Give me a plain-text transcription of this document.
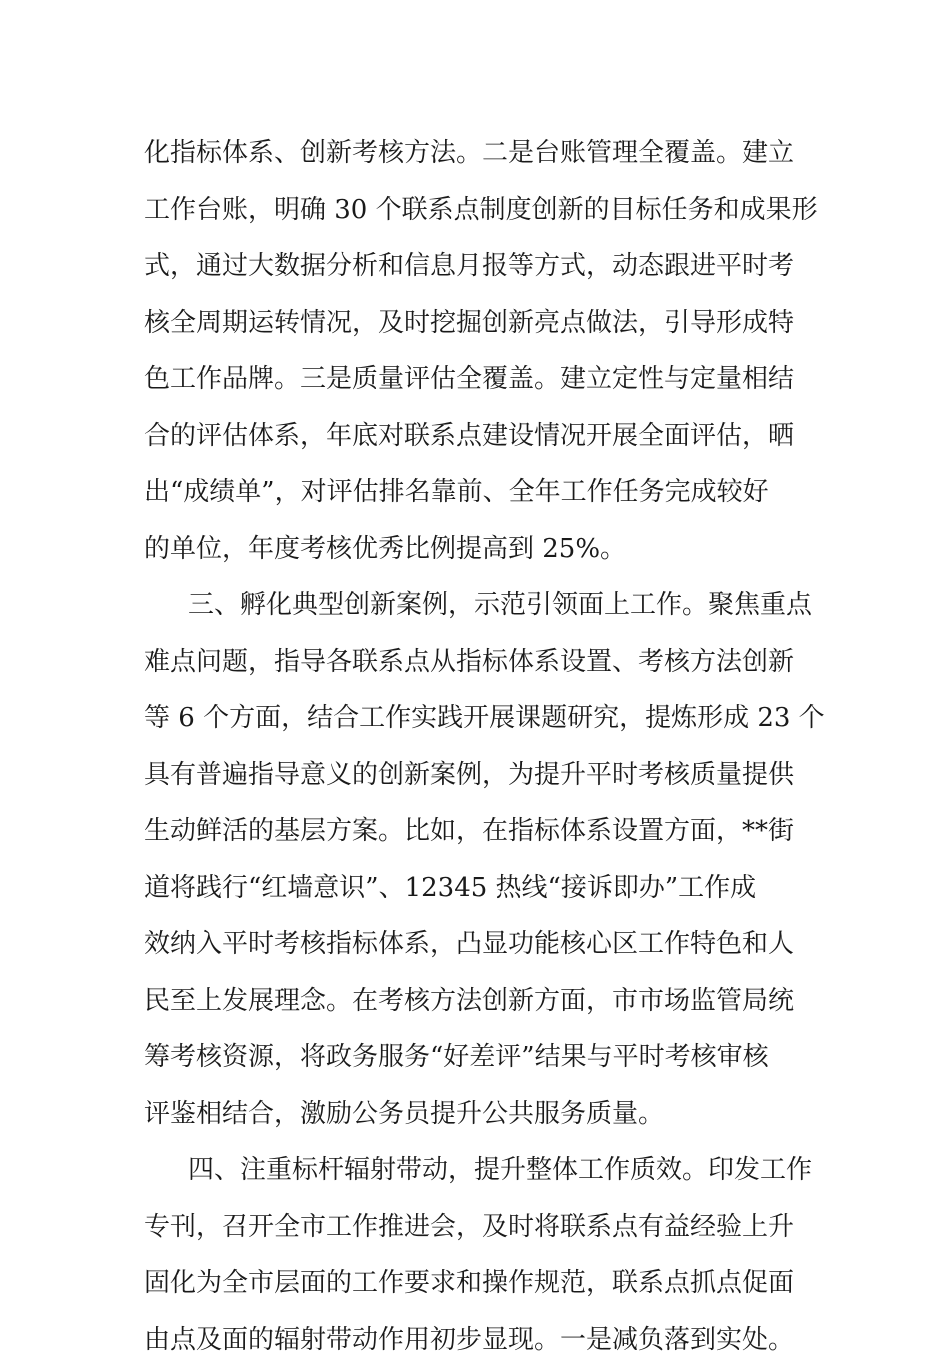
化指标体系、创新考核方法。二是台账管理全覆盖。建立
工作台账，明确 30 个联系点制度创新的目标任务和成果形
式，通过大数据分析和信息月报等方式，动态跟进平时考
核全周期运转情况，及时挖掘创新亮点做法，引导形成特
色工作品牌。三是质量评估全覆盖。建立定性与定量相结
合的评估体系，年底对联系点建设情况开展全面评估，晒
出“成绩单”，对评估排名靠前、全年工作任务完成较好
的单位，年度考核优秀比例提高到 25%。
三、孵化典型创新案例，示范引领面上工作。聚焦重点
难点问题，指导各联系点从指标体系设置、考核方法创新
等 6 个方面，结合工作实践开展课题研究，提炼形成 23 个
具有普遍指导意义的创新案例，为提升平时考核质量提供
生动鲜活的基层方案。比如，在指标体系设置方面，**街
道将践行“红墙意识”、12345 热线“接诉即办”工作成
效纳入平时考核指标体系，凸显功能核心区工作特色和人
民至上发展理念。在考核方法创新方面，市市场监管局统
筹考核资源，将政务服务“好差评”结果与平时考核审核
评鉴相结合，激励公务员提升公共服务质量。
四、注重标杆辐射带动，提升整体工作质效。印发工作
专刊，召开全市工作推进会，及时将联系点有益经验上升
固化为全市层面的工作要求和操作规范，联系点抓点促面
由点及面的辐射带动作用初步显现。一是减负落到实处。
